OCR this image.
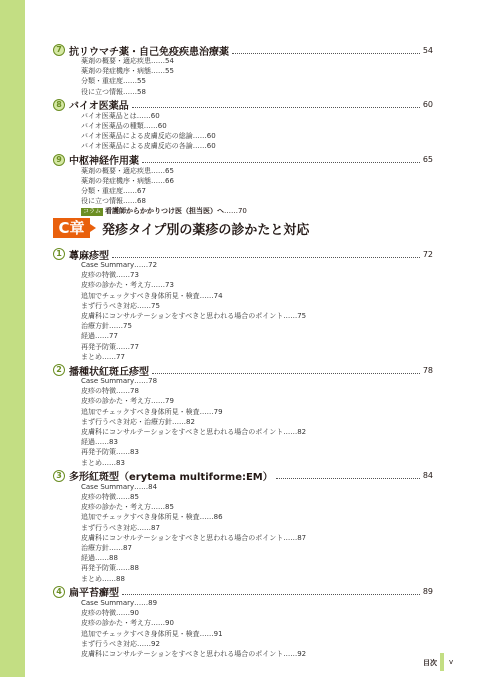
7 抗リウマチ薬・自己免疫疾患治療薬	54
薬剤の概要・適応疾患……54
薬剤の発症機序・病態……55
分類・重症度……55
役に立つ情報……58
8 バイオ医薬品	60
バイオ医薬品とは……60
バイオ医薬品の種類……60
バイオ医薬品による皮膚反応の総論……60
バイオ医薬品による皮膚反応の各論……60
9 中枢神経作用薬	65
薬剤の概要・適応疾患……65
薬剤の発症機序・病態……66
分類・重症度……67
役に立つ情報……68
コラム 看護師からかかりつけ医（担当医）へ……70
C章	発疹タイプ別の薬疹の診かたと対応
1 蕁麻疹型	72
Case Summary……72
皮疹の特徴……73
皮疹の診かた・考え方……73
追加でチェックすべき身体所見・検査……74
まず行うべき対応……75
皮膚科にコンサルテーションをすべきと思われる場合のポイント……75
治療方針……75
経過……77
再発予防策……77
まとめ……77
2 播種状紅斑丘疹型	78
Case Summary……78
皮疹の特徴……78
皮疹の診かた・考え方……79
追加でチェックすべき身体所見・検査……79
まず行うべき対応・治療方針……82
皮膚科にコンサルテーションをすべきと思われる場合のポイント……82
経過……83
再発予防策……83
まとめ……83
3 多形紅斑型（erytema multiforme:EM）	84
Case Summary……84
皮疹の特徴……85
皮疹の診かた・考え方……85
追加でチェックすべき身体所見・検査……86
まず行うべき対応……87
皮膚科にコンサルテーションをすべきと思われる場合のポイント……87
治療方針……87
経過……88
再発予防策……88
まとめ……88
4 扁平苔癬型	89
Case Summary……89
皮疹の特徴……90
皮疹の診かた・考え方……90
追加でチェックすべき身体所見・検査……91
まず行うべき対応……92
皮膚科にコンサルテーションをすべきと思われる場合のポイント……92
目次 v
